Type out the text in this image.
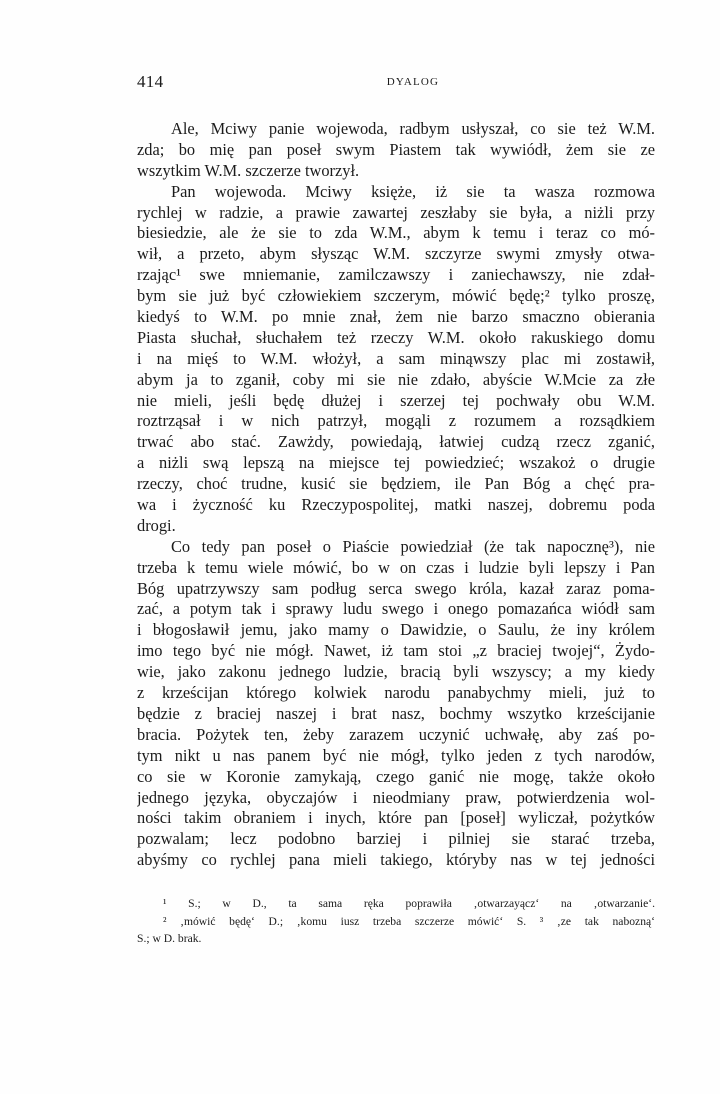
414	DYALOG
Ale, Mciwy panie wojewoda, radbym usłyszał, co sie też W.M.
zda; bo mię pan poseł swym Piastem tak wywiódł, żem sie ze
wszytkim W.M. szczerze tworzył.
Pan wojewoda. Mciwy księże, iż sie ta wasza rozmowa
rychlej w radzie, a prawie zawartej zeszłaby sie była, a niżli przy
biesiedzie, ale że sie to zda W.M., abym k temu i teraz co mó-
wił, a przeto, abym słysząc W.M. szczyrze swymi zmysły otwa-
rzając¹ swe mniemanie, zamilczawszy i zaniechawszy, nie zdał-
bym sie już być człowiekiem szczerym, mówić będę;² tylko proszę,
kiedyś to W.M. po mnie znał, żem nie barzo smaczno obierania
Piasta słuchał, słuchałem też rzeczy W.M. około rakuskiego domu
i na mięś to W.M. włożył, a sam minąwszy plac mi zostawił,
abym ja to zganił, coby mi sie nie zdało, abyście W.Mcie za złe
nie mieli, jeśli będę dłużej i szerzej tej pochwały obu W.M.
roztrząsał i w nich patrzył, mogąli z rozumem a rozsądkiem
trwać abo stać. Zawżdy, powiedają, łatwiej cudzą rzecz zganić,
a niżli swą lepszą na miejsce tej powiedzieć; wszakoż o drugie
rzeczy, choć trudne, kusić sie będziem, ile Pan Bóg a chęć pra-
wa i życzność ku Rzeczypospolitej, matki naszej, dobremu poda
drogi.
Co tedy pan poseł o Piaście powiedział (że tak napocznę³), nie
trzeba k temu wiele mówić, bo w on czas i ludzie byli lepszy i Pan
Bóg upatrzywszy sam podług serca swego króla, kazał zaraz poma-
zać, a potym tak i sprawy ludu swego i onego pomazańca wiódł sam
i błogosławił jemu, jako mamy o Dawidzie, o Saulu, że iny królem
imo tego być nie mógł. Nawet, iż tam stoi „z braciej twojej“, Żydo-
wie, jako zakonu jednego ludzie, bracią byli wszyscy; a my kiedy
z krześcijan którego kolwiek narodu panabychmy mieli, już to
będzie z braciej naszej i brat nasz, bochmy wszytko krześcijanie
bracia. Pożytek ten, żeby zarazem uczynić uchwałę, aby zaś po-
tym nikt u nas panem być nie mógł, tylko jeden z tych narodów,
co sie w Koronie zamykają, czego ganić nie mogę, także około
jednego języka, obyczajów i nieodmiany praw, potwierdzenia wol-
ności takim obraniem i inych, które pan [poseł] wyliczał, pożytków
pozwalam; lecz podobno barziej i pilniej sie starać trzeba,
abyśmy co rychlej pana mieli takiego, któryby nas w tej jedności
¹ S.; w D., ta sama ręka poprawiła ‚otwarzayącz‘ na ‚otwarzanie‘.
² ‚mówić będę‘ D.; ‚komu iusz trzeba szczerze mówić‘ S. ³ ‚ze tak nabozną‘
S.; w D. brak.
